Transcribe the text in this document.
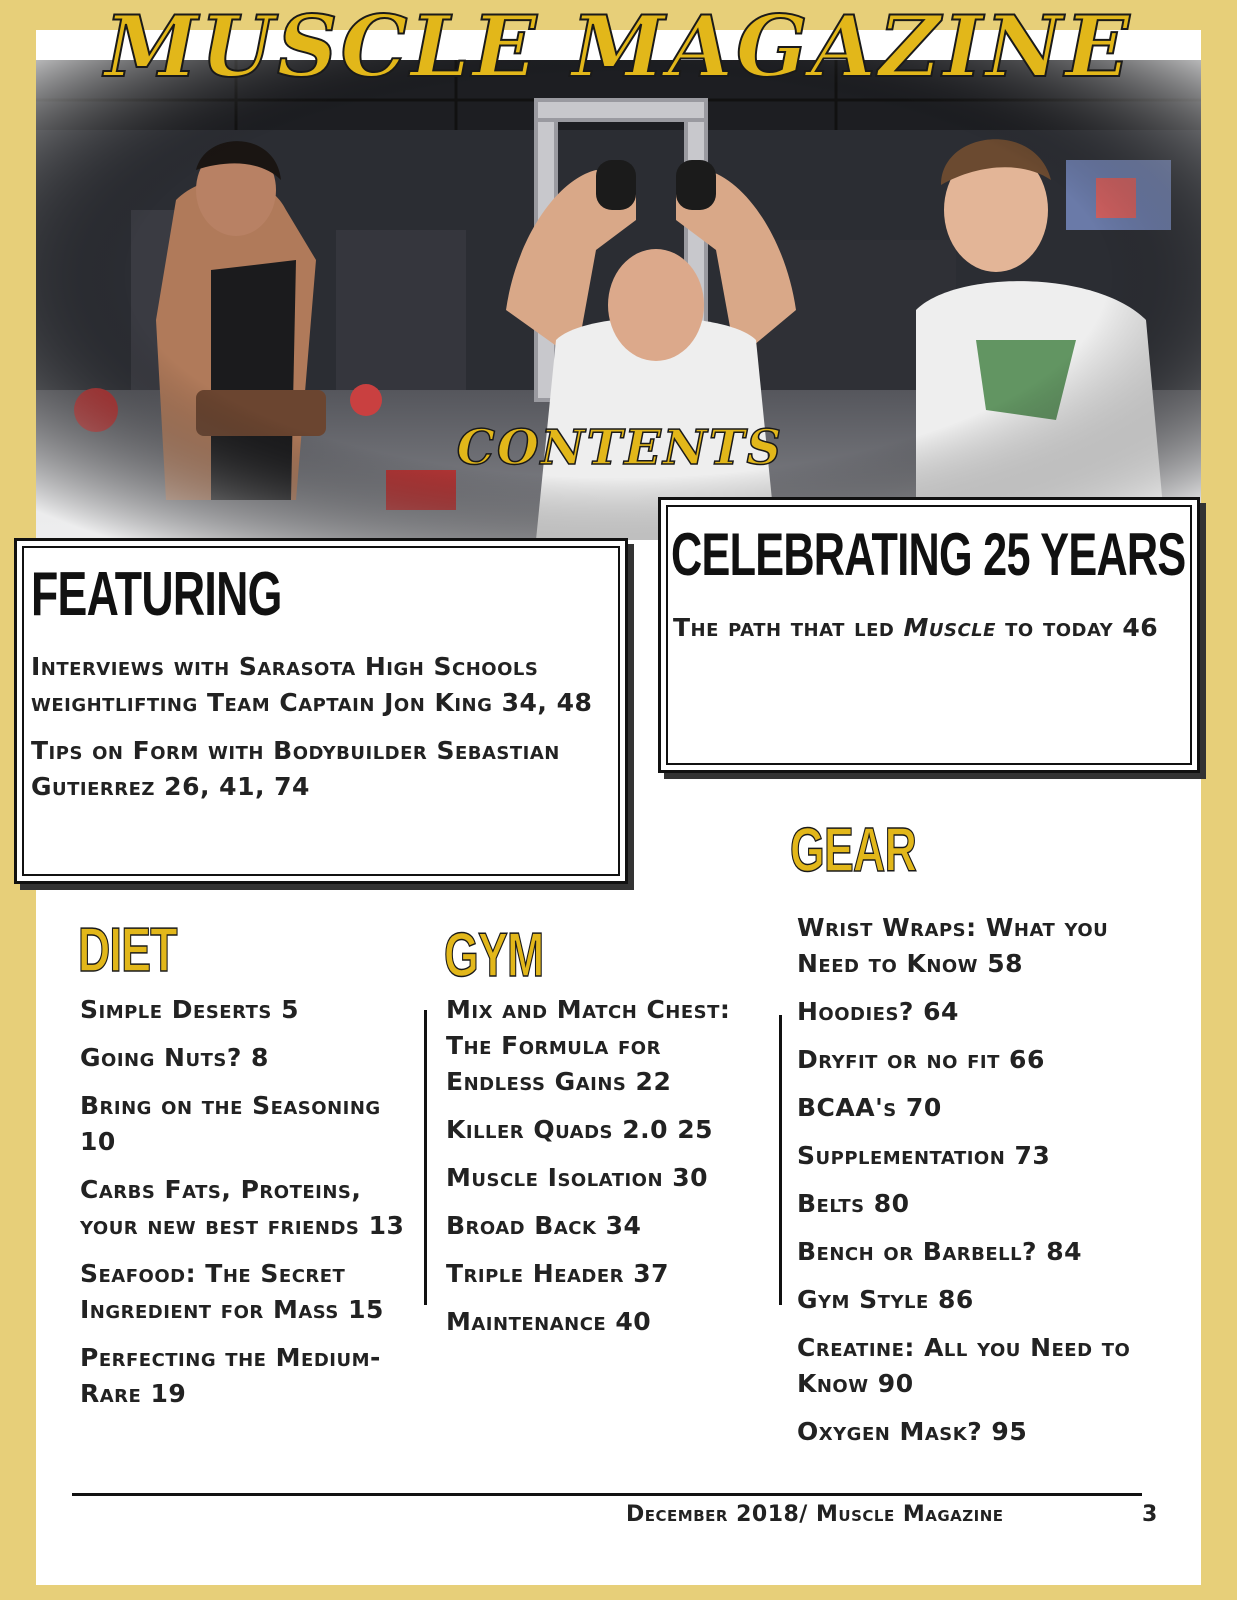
MUSCLE MAGAZINE
CONTENTS
FEATURING

Interviews with Sarasota High Schools weightlifting Team Captain Jon King 34, 48

Tips on Form with Bodybuilder Sebastian Gutierrez 26, 41, 74

CELEBRATING 25 YEARS

The path that led Muscle to today 46

DIET	GYM
GEAR

Simple Deserts 5

Going Nuts? 8

Bring on the Seasoning 10

Carbs Fats, Proteins, your new best friends 13

Seafood: The Secret Ingredient for Mass 15

Perfecting the Medium-Rare 19

Mix and Match Chest: The Formula for Endless Gains 22

Killer Quads 2.0 25

Muscle Isolation 30

Broad Back 34

Triple Header 37

Maintenance 40

Wrist Wraps: What you Need to Know 58

Hoodies? 64

Dryfit or no fit 66

BCAA's 70

Supplementation 73

Belts 80

Bench or Barbell? 84

Gym Style 86

Creatine: All you Need to Know 90

Oxygen Mask? 95

December 2018/ Muscle Magazine	3
